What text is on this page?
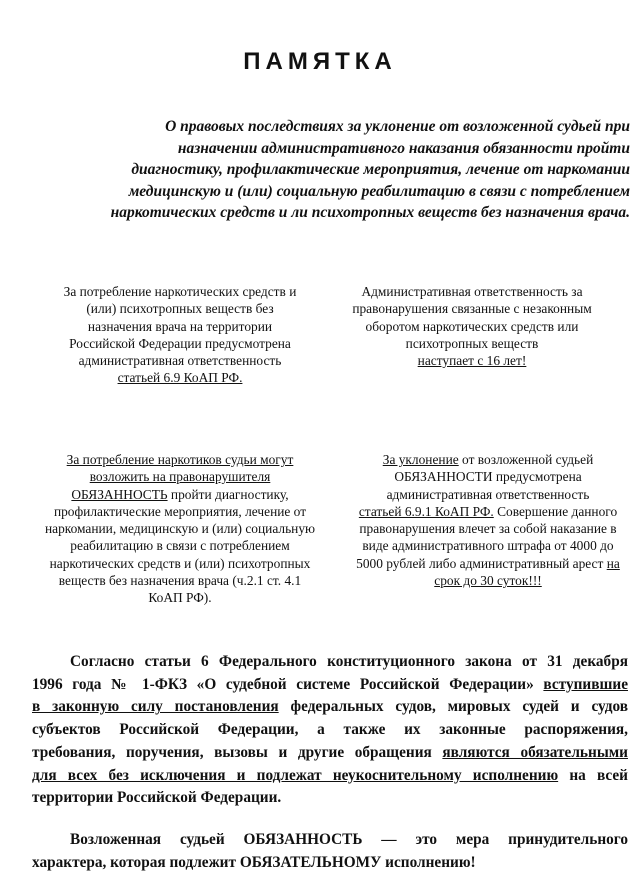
ПАМЯТКА
О правовых последствиях за уклонение от возложенной судьей при
назначении административного наказания обязанности пройти
диагностику, профилактические мероприятия, лечение от наркомании
медицинскую и (или) социальную реабилитацию в связи с потреблением
наркотических средств и ли психотропных веществ без назначения врача.
За потребление наркотических средств и
(или) психотропных веществ без
назначения врача на территории
Российской Федерации предусмотрена
административная ответственность
статьей 6.9 КоАП РФ.
Административная ответственность за
правонарушения связанные с незаконным
оборотом наркотических средств или
психотропных веществ
наступает с 16 лет!
За потребление наркотиков судьи могут
возложить на правонарушителя
ОБЯЗАННОСТЬ пройти диагностику,
профилактические мероприятия, лечение от
наркомании, медицинскую и (или) социальную
реабилитацию в связи с потреблением
наркотических средств и (или) психотропных
веществ без назначения врача (ч.2.1 ст. 4.1
КоАП РФ).
За уклонение от возложенной судьей
ОБЯЗАННОСТИ предусмотрена
административная ответственность
статьей 6.9.1 КоАП РФ. Совершение данного
правонарушения влечет за собой наказание в
виде административного штрафа от 4000 до
5000 рублей либо административный арест на
срок до 30 суток!!!
Согласно статьи 6 Федерального конституционного закона от 31 декабря
1996 года № 1-ФКЗ «О судебной системе Российской Федерации» вступившие
в законную силу постановления федеральных судов, мировых судей и судов
субъектов Российской Федерации, а также их законные распоряжения,
требования, поручения, вызовы и другие обращения являются обязательными
для всех без исключения и подлежат неукоснительному исполнению на всей
территории Российской Федерации.
Возложенная судьей ОБЯЗАННОСТЬ — это мера принудительного
характера, которая подлежит ОБЯЗАТЕЛЬНОМУ исполнению!
